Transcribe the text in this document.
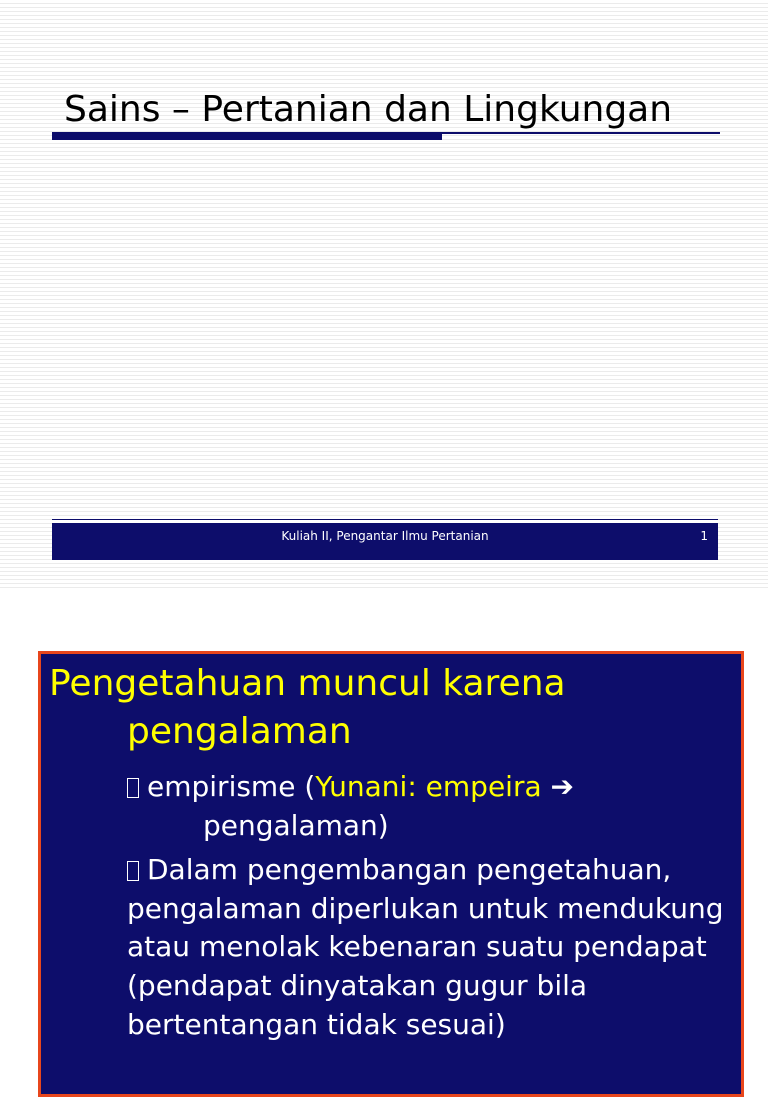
Sains – Pertanian dan Lingkungan
Kuliah II, Pengantar Ilmu Pertanian	1
Pengetahuan muncul karena
pengalaman
empirisme (Yunani: empeira ➔
pengalaman)
Dalam pengembangan pengetahuan,
pengalaman diperlukan untuk mendukung
atau menolak kebenaran suatu pendapat
(pendapat dinyatakan gugur bila
bertentangan tidak sesuai)
